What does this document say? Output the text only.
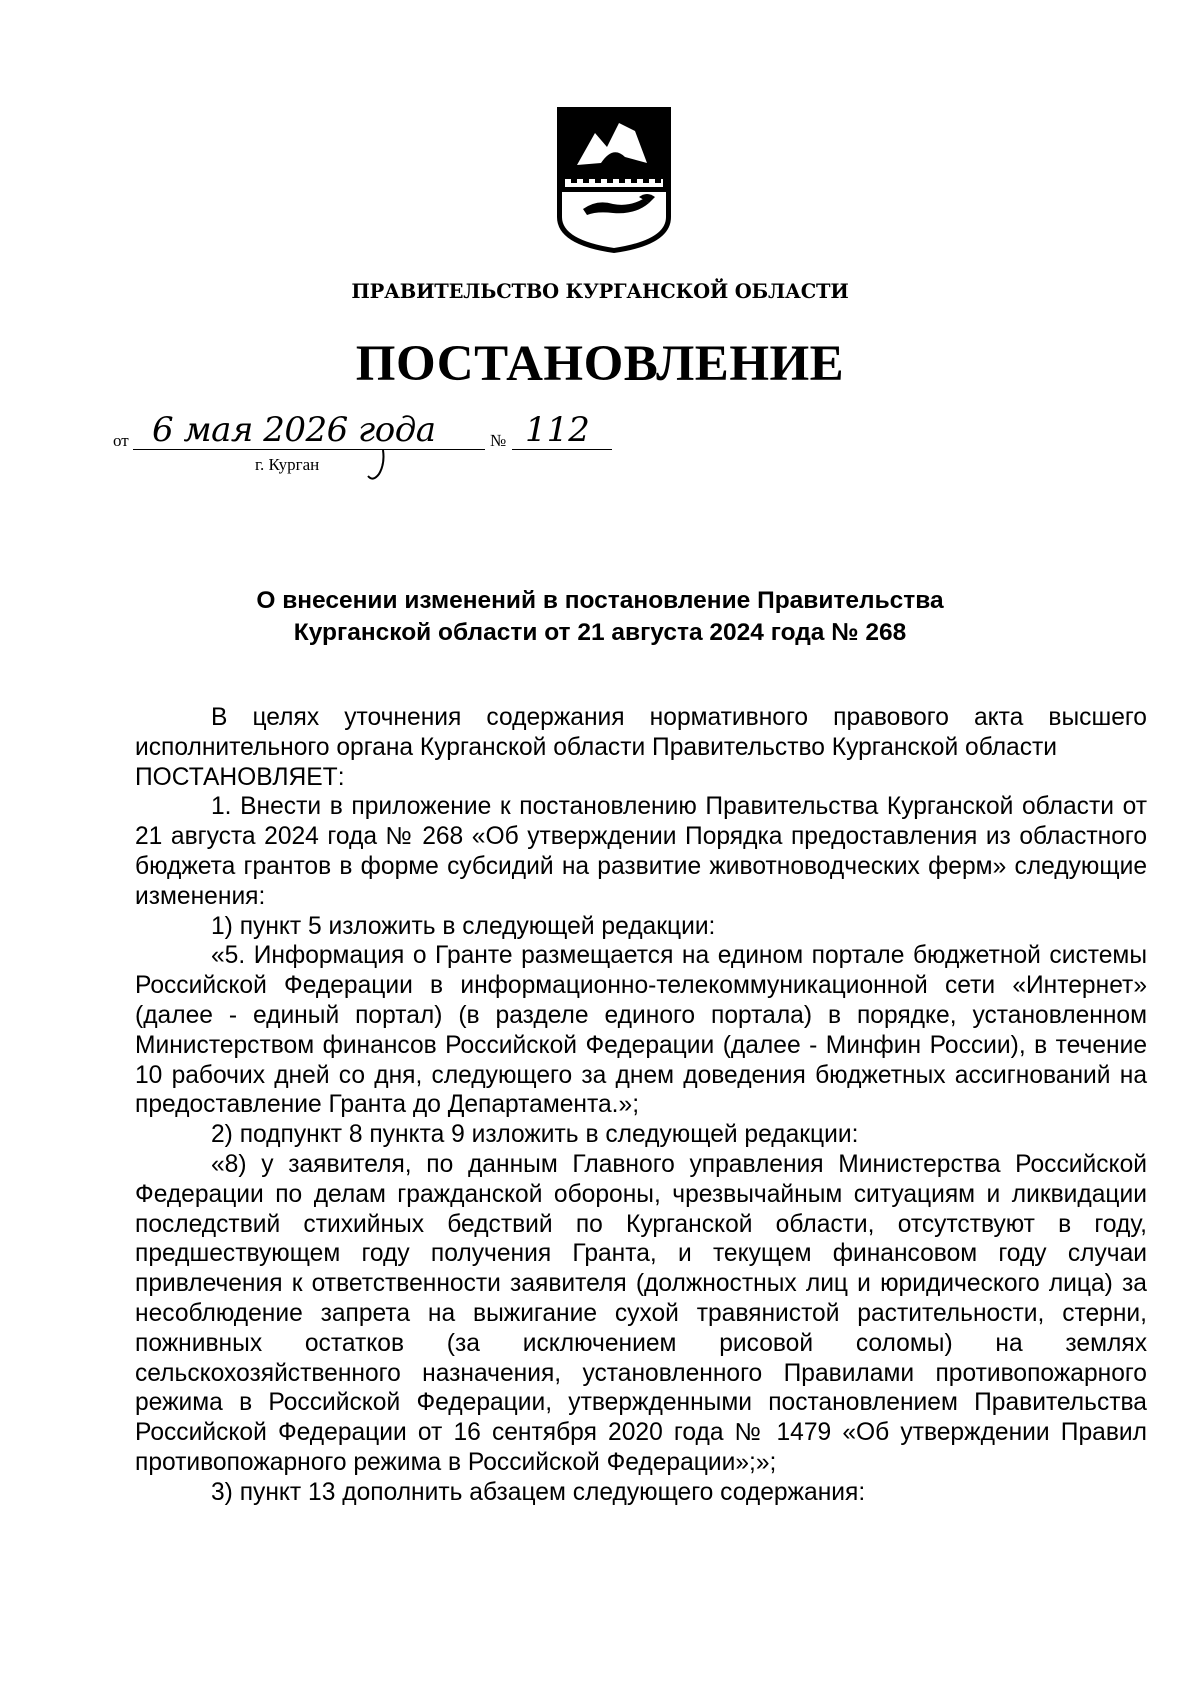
ПРАВИТЕЛЬСТВО КУРГАНСКОЙ ОБЛАСТИ
ПОСТАНОВЛЕНИЕ
от 6 мая 2026 года	№ 112
г. Курган
О внесении изменений в постановление Правительства
Курганской области от 21 августа 2024 года № 268

В целях уточнения содержания нормативного правового акта высшего исполнительного органа Курганской области Правительство Курганской области

ПОСТАНОВЛЯЕТ:

1. Внести в приложение к постановлению Правительства Курганской области от 21 августа 2024 года № 268 «Об утверждении Порядка предоставления из областного бюджета грантов в форме субсидий на развитие животноводческих ферм» следующие изменения:

1) пункт 5 изложить в следующей редакции:

«5. Информация о Гранте размещается на едином портале бюджетной системы Российской Федерации в информационно-телекоммуникационной сети «Интернет» (далее - единый портал) (в разделе единого портала) в порядке, установленном Министерством финансов Российской Федерации (далее - Минфин России), в течение 10 рабочих дней со дня, следующего за днем доведения бюджетных ассигнований на предоставление Гранта до Департамента.»;

2) подпункт 8 пункта 9 изложить в следующей редакции:

«8) у заявителя, по данным Главного управления Министерства Российской Федерации по делам гражданской обороны, чрезвычайным ситуациям и ликвидации последствий стихийных бедствий по Курганской области, отсутствуют в году, предшествующем году получения Гранта, и текущем финансовом году случаи привлечения к ответственности заявителя (должностных лиц и юридического лица) за несоблюдение запрета на выжигание сухой травянистой растительности, стерни, пожнивных остатков (за исключением рисовой соломы) на землях сельскохозяйственного назначения, установленного Правилами противопожарного режима в Российской Федерации, утвержденными постановлением Правительства Российской Федерации от 16 сентября 2020 года № 1479 «Об утверждении Правил противопожарного режима в Российской Федерации»;»;

3) пункт 13 дополнить абзацем следующего содержания:
